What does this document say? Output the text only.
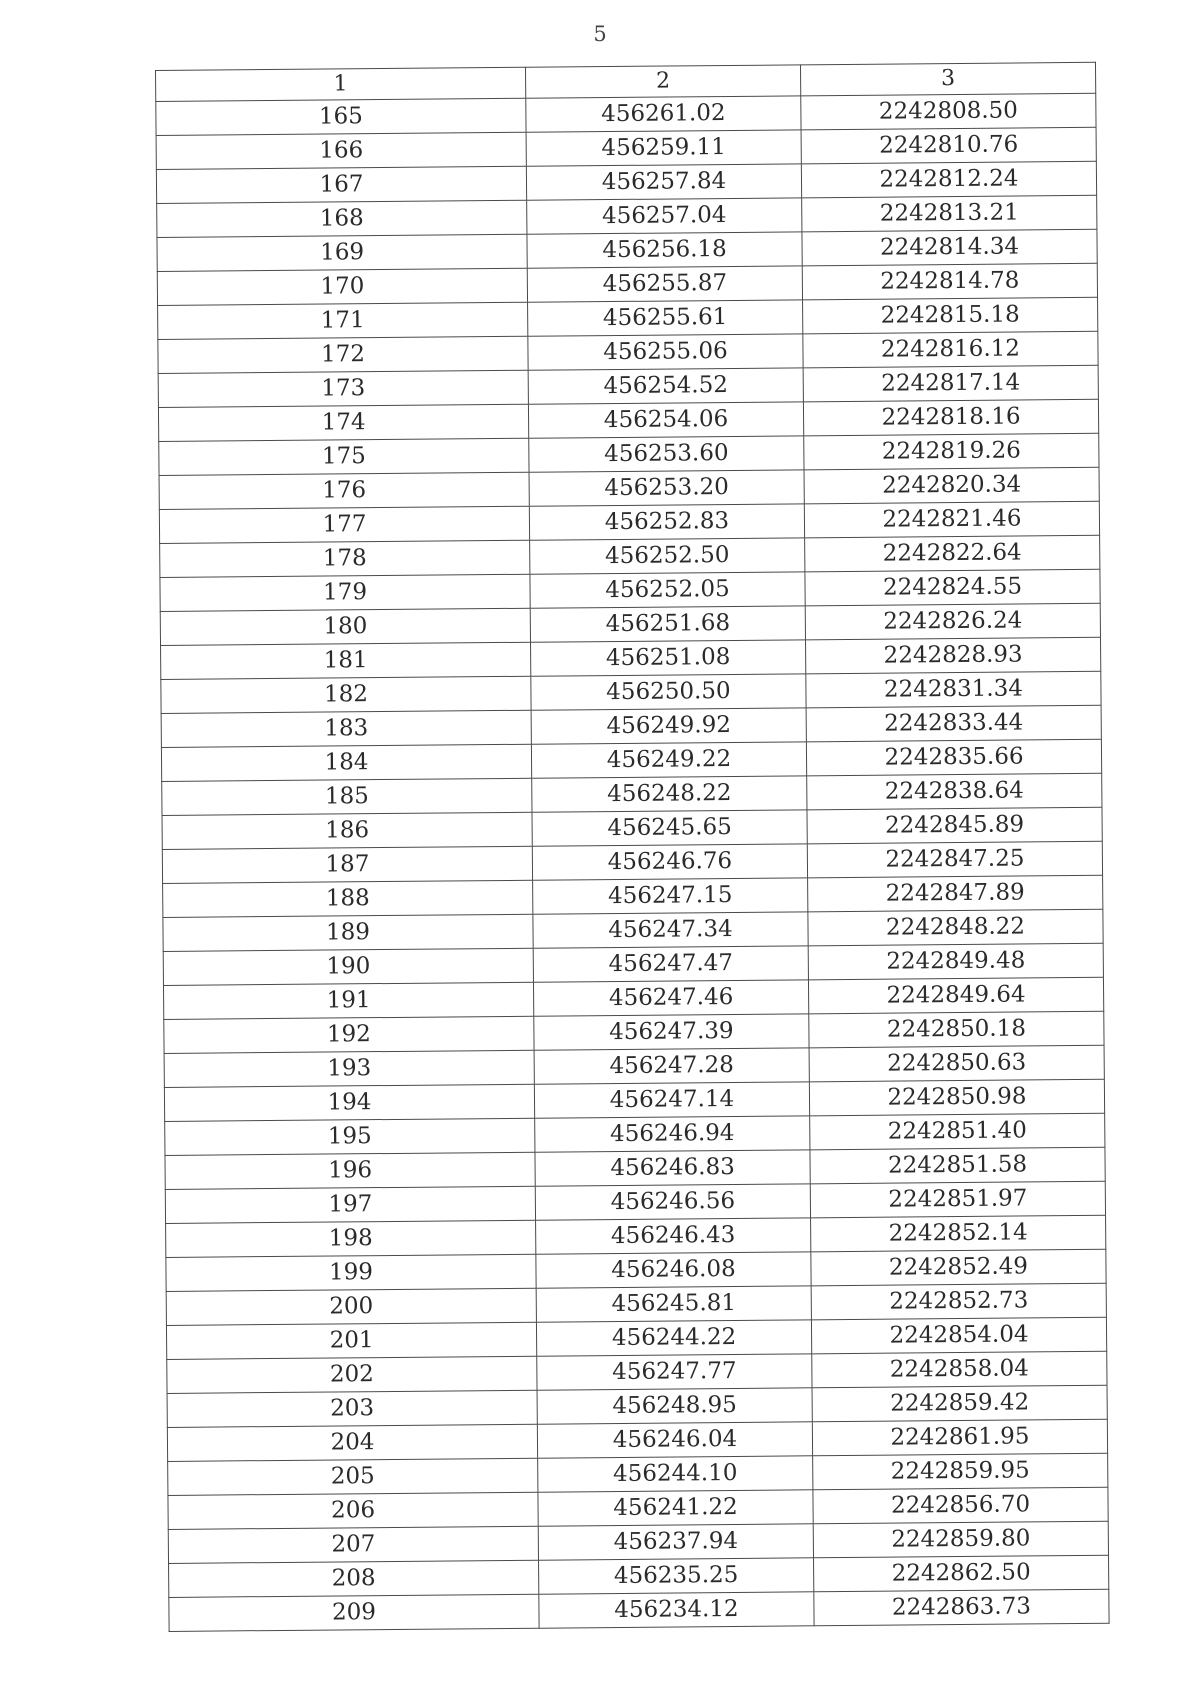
5
1	2	3
165	456261.02	2242808.50
166	456259.11	2242810.76
167	456257.84	2242812.24
168	456257.04	2242813.21
169	456256.18	2242814.34
170	456255.87	2242814.78
171	456255.61	2242815.18
172	456255.06	2242816.12
173	456254.52	2242817.14
174	456254.06	2242818.16
175	456253.60	2242819.26
176	456253.20	2242820.34
177	456252.83	2242821.46
178	456252.50	2242822.64
179	456252.05	2242824.55
180	456251.68	2242826.24
181	456251.08	2242828.93
182	456250.50	2242831.34
183	456249.92	2242833.44
184	456249.22	2242835.66
185	456248.22	2242838.64
186	456245.65	2242845.89
187	456246.76	2242847.25
188	456247.15	2242847.89
189	456247.34	2242848.22
190	456247.47	2242849.48
191	456247.46	2242849.64
192	456247.39	2242850.18
193	456247.28	2242850.63
194	456247.14	2242850.98
195	456246.94	2242851.40
196	456246.83	2242851.58
197	456246.56	2242851.97
198	456246.43	2242852.14
199	456246.08	2242852.49
200	456245.81	2242852.73
201	456244.22	2242854.04
202	456247.77	2242858.04
203	456248.95	2242859.42
204	456246.04	2242861.95
205	456244.10	2242859.95
206	456241.22	2242856.70
207	456237.94	2242859.80
208	456235.25	2242862.50
209	456234.12	2242863.73
